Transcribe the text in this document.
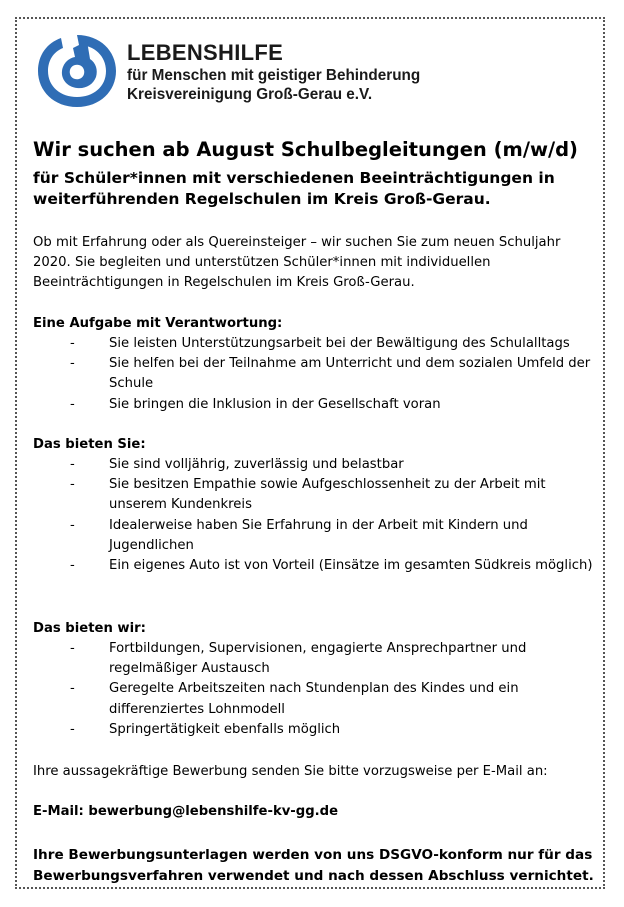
LEBENSHILFE
für Menschen mit geistiger Behinderung
Kreisvereinigung Groß-Gerau e.V.
Wir suchen ab August Schulbegleitungen (m/w/d)

für Schüler*innen mit verschiedenen Beeinträchtigungen in weiterführenden Regelschulen im Kreis Groß-Gerau.

Ob mit Erfahrung oder als Quereinsteiger – wir suchen Sie zum neuen Schuljahr 2020. Sie begleiten und unterstützen Schüler*innen mit individuellen Beeinträchtigungen in Regelschulen im Kreis Groß-Gerau.

Eine Aufgabe mit Verantwortung:

- Sie leisten Unterstützungsarbeit bei der Bewältigung des Schulalltags
- Sie helfen bei der Teilnahme am Unterricht und dem sozialen Umfeld der Schule
- Sie bringen die Inklusion in der Gesellschaft voran

Das bieten Sie:

- Sie sind volljährig, zuverlässig und belastbar
- Sie besitzen Empathie sowie Aufgeschlossenheit zu der Arbeit mit unserem Kundenkreis
- Idealerweise haben Sie Erfahrung in der Arbeit mit Kindern und Jugendlichen
- Ein eigenes Auto ist von Vorteil (Einsätze im gesamten Südkreis möglich)

Das bieten wir:

- Fortbildungen, Supervisionen, engagierte Ansprechpartner und regelmäßiger Austausch
- Geregelte Arbeitszeiten nach Stundenplan des Kindes und ein differenziertes Lohnmodell
- Springertätigkeit ebenfalls möglich

Ihre aussagekräftige Bewerbung senden Sie bitte vorzugsweise per E-Mail an:

E-Mail: bewerbung@lebenshilfe-kv-gg.de

Ihre Bewerbungsunterlagen werden von uns DSGVO-konform nur für das Bewerbungsverfahren verwendet und nach dessen Abschluss vernichtet.
